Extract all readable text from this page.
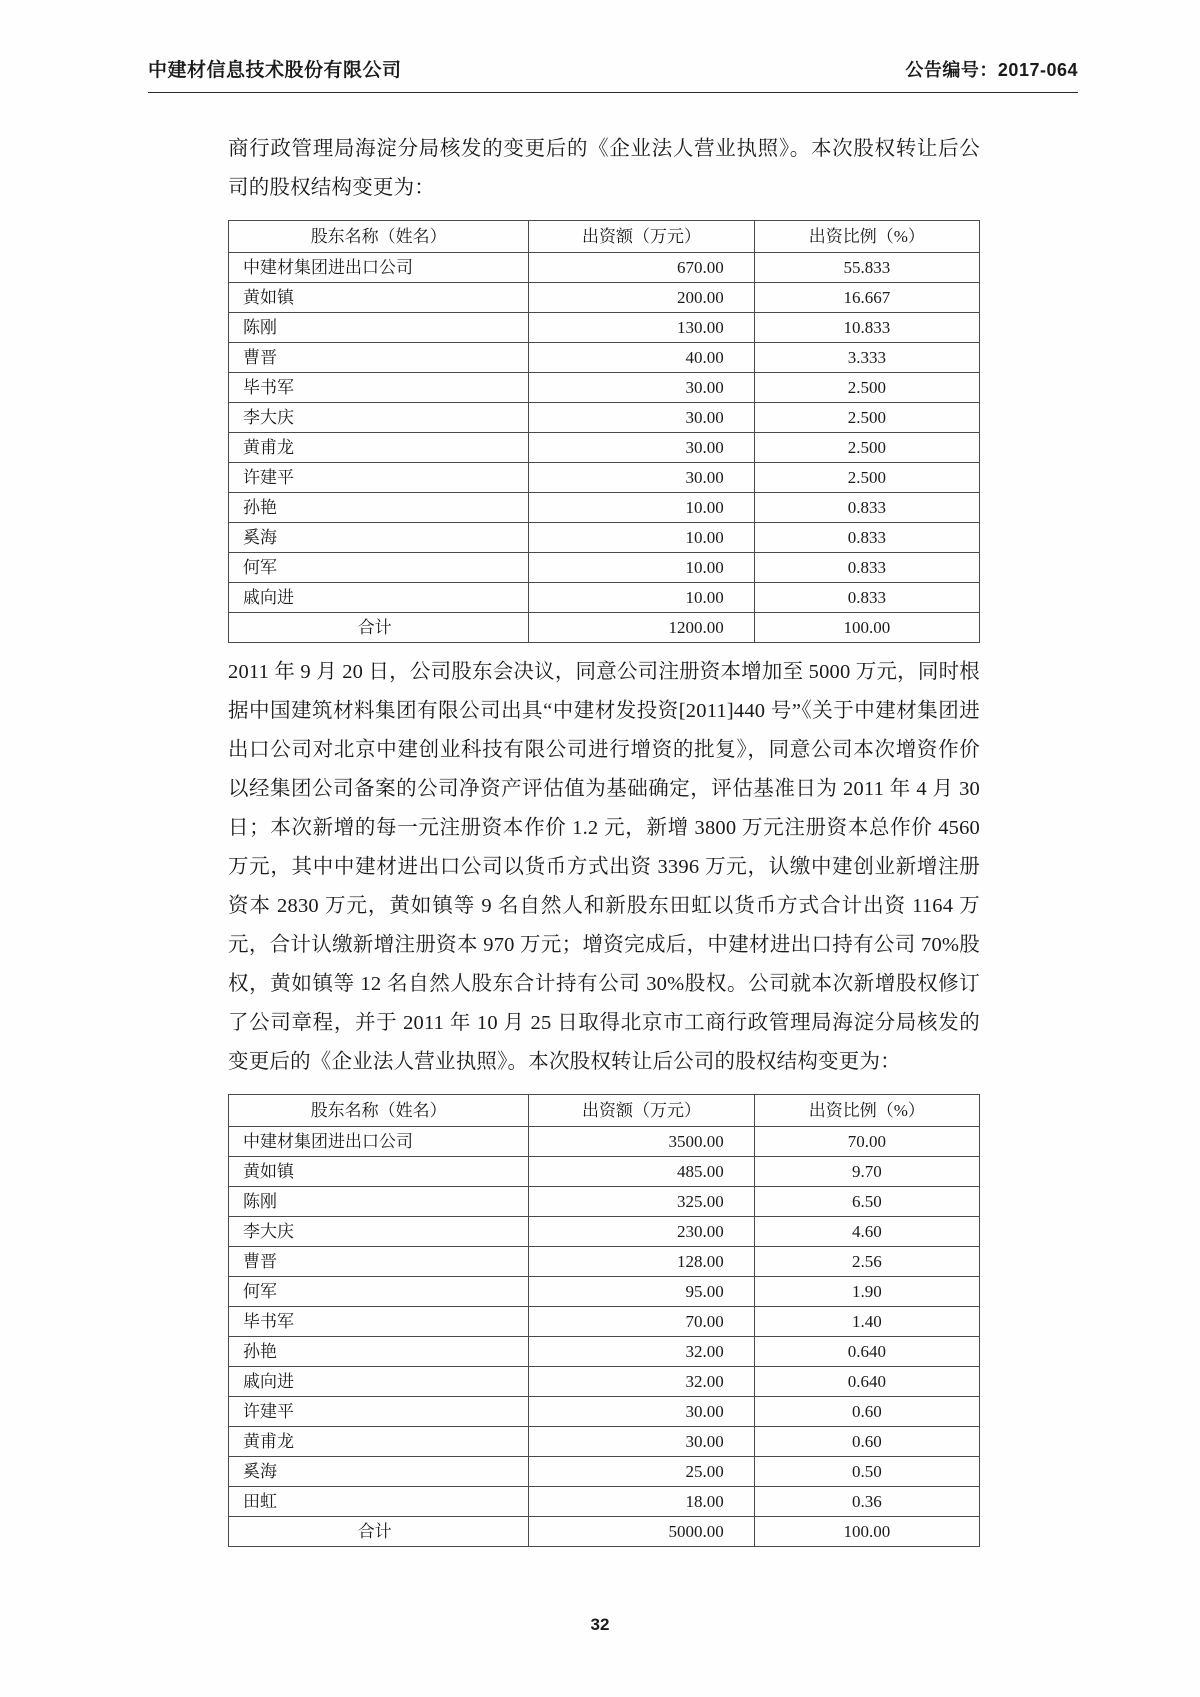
中建材信息技术股份有限公司	公告编号：2017-064

商行政管理局海淀分局核发的变更后的《企业法人营业执照》。本次股权转让后公司的股权结构变更为：

股东名称（姓名）	出资额（万元）	出资比例（%）
中建材集团进出口公司	670.00	55.833
黄如镇	200.00	16.667
陈刚	130.00	10.833
曹晋	40.00	3.333
毕书军	30.00	2.500
李大庆	30.00	2.500
黄甫龙	30.00	2.500
许建平	30.00	2.500
孙艳	10.00	0.833
奚海	10.00	0.833
何军	10.00	0.833
戚向进	10.00	0.833
合计	1200.00	100.00

2011 年 9 月 20 日，公司股东会决议，同意公司注册资本增加至 5000 万元，同时根据中国建筑材料集团有限公司出具“中建材发投资[2011]440 号”《关于中建材集团进出口公司对北京中建创业科技有限公司进行增资的批复》，同意公司本次增资作价以经集团公司备案的公司净资产评估值为基础确定，评估基准日为 2011 年 4 月 30 日；本次新增的每一元注册资本作价 1.2 元，新增 3800 万元注册资本总作价 4560 万元，其中中建材进出口公司以货币方式出资 3396 万元，认缴中建创业新增注册资本 2830 万元，黄如镇等 9 名自然人和新股东田虹以货币方式合计出资 1164 万元，合计认缴新增注册资本 970 万元；增资完成后，中建材进出口持有公司 70%股权，黄如镇等 12 名自然人股东合计持有公司 30%股权。公司就本次新增股权修订了公司章程，并于 2011 年 10 月 25 日取得北京市工商行政管理局海淀分局核发的变更后的《企业法人营业执照》。本次股权转让后公司的股权结构变更为：

股东名称（姓名）	出资额（万元）	出资比例（%）
中建材集团进出口公司	3500.00	70.00
黄如镇	485.00	9.70
陈刚	325.00	6.50
李大庆	230.00	4.60
曹晋	128.00	2.56
何军	95.00	1.90
毕书军	70.00	1.40
孙艳	32.00	0.640
戚向进	32.00	0.640
许建平	30.00	0.60
黄甫龙	30.00	0.60
奚海	25.00	0.50
田虹	18.00	0.36
合计	5000.00	100.00
32
